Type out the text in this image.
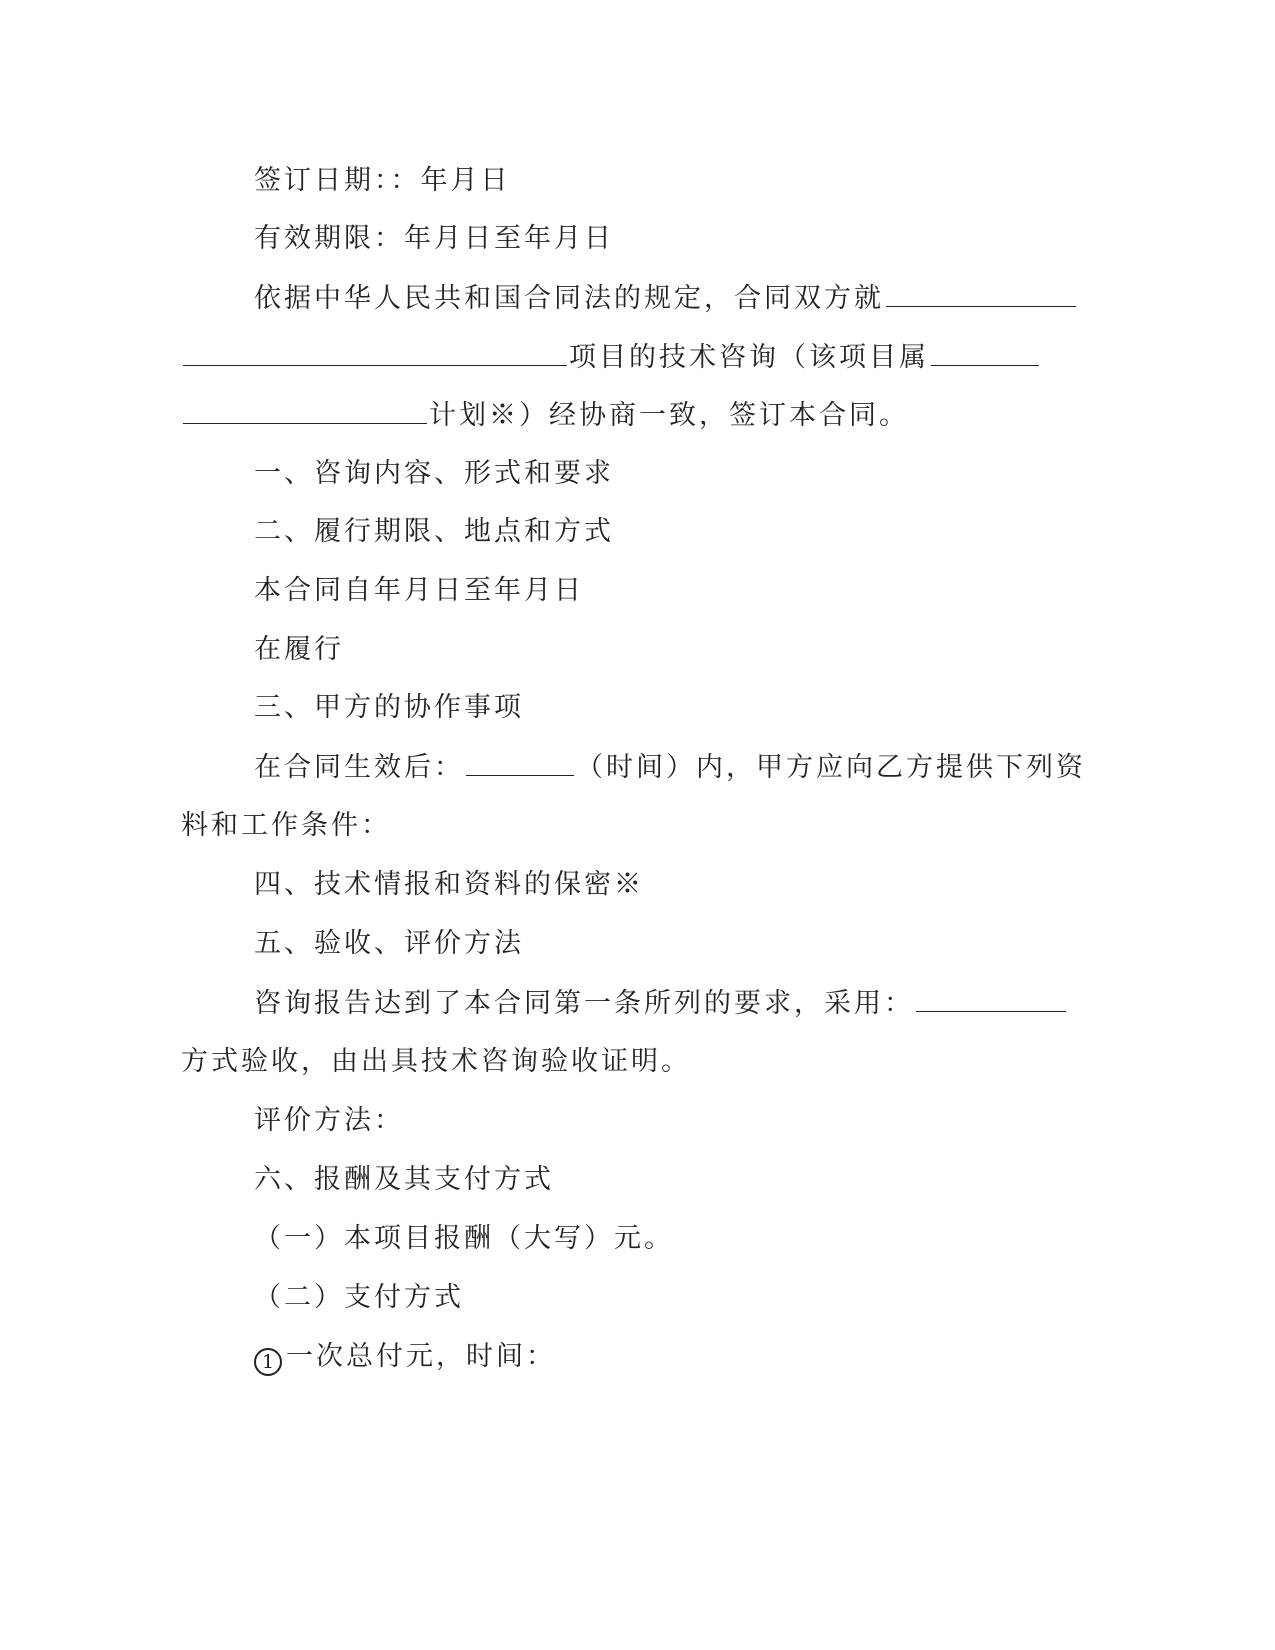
签订日期：：年月日
有效期限：年月日至年月日
依据中华人民共和国合同法的规定，合同双方就
项目的技术咨询（该项目属
计划※）经协商一致，签订本合同。
一、咨询内容、形式和要求
二、履行期限、地点和方式
本合同自年月日至年月日
在履行
三、甲方的协作事项
在合同生效后：	（时间）内，甲方应向乙方提供下列资
料和工作条件：
四、技术情报和资料的保密※
五、验收、评价方法
咨询报告达到了本合同第一条所列的要求，采用：
方式验收，由出具技术咨询验收证明。
评价方法：
六、报酬及其支付方式
（一）本项目报酬（大写）元。
（二）支付方式
1 一次总付元，时间：
